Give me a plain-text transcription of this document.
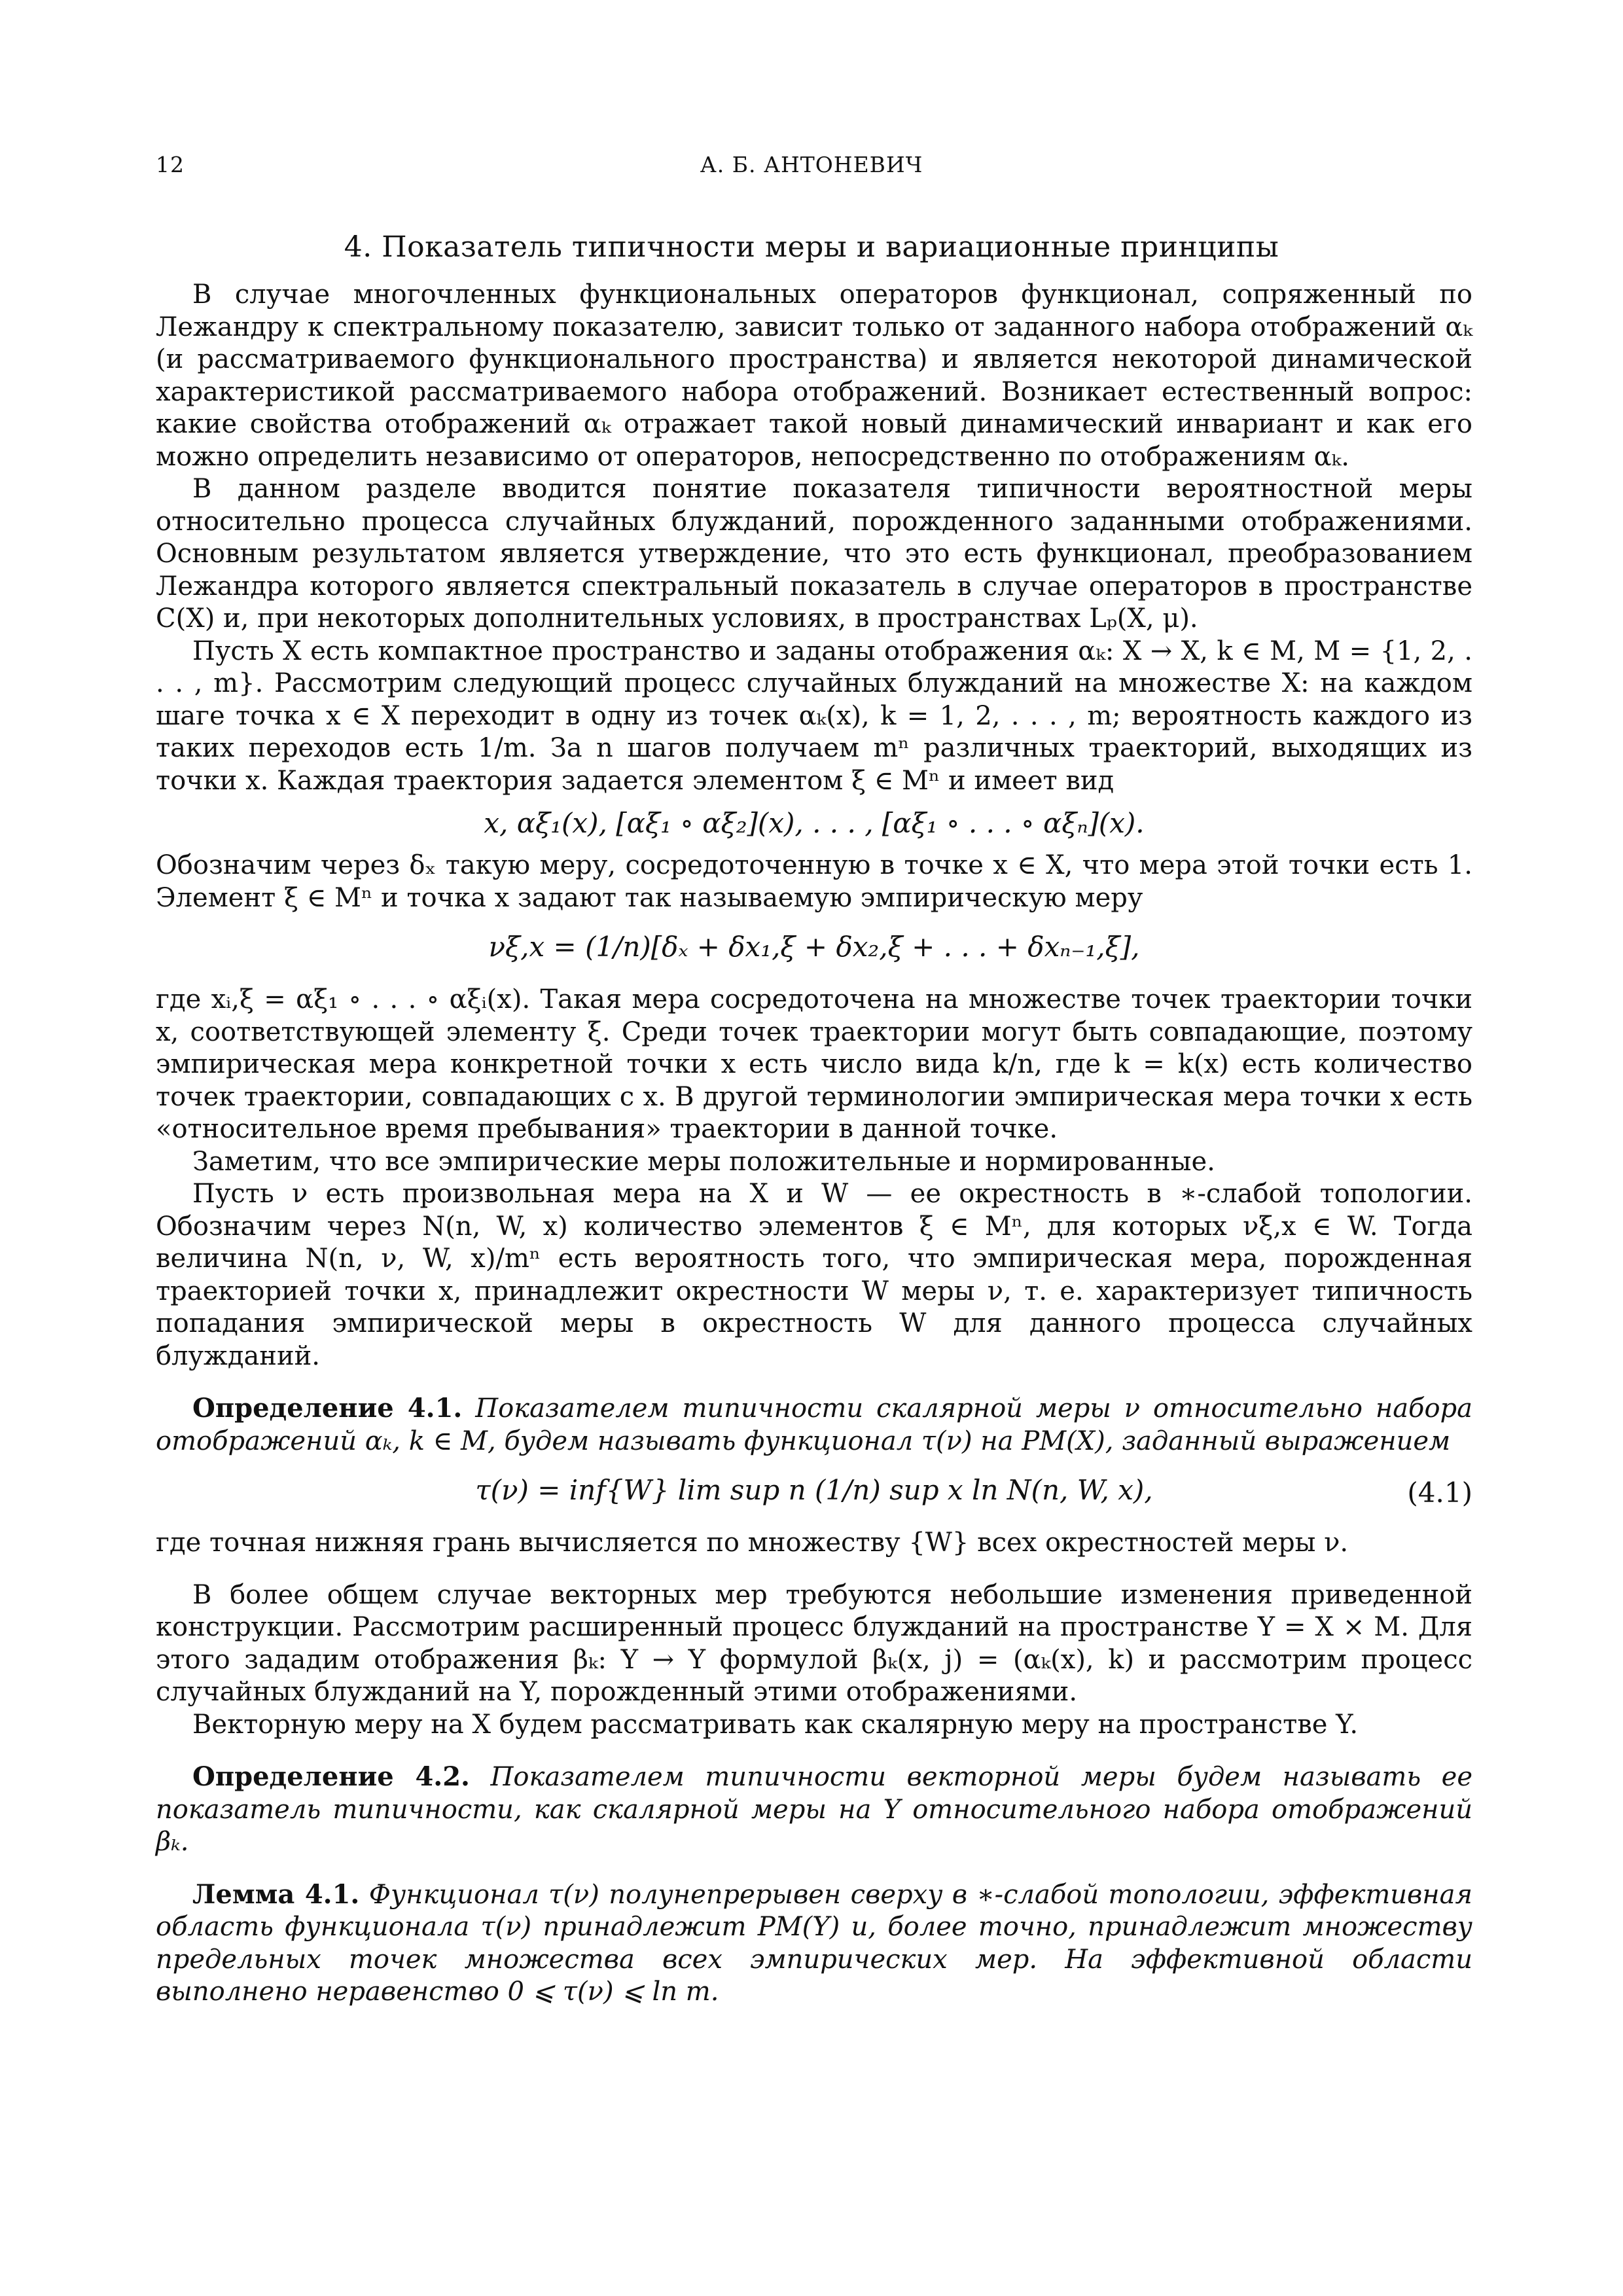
12	А. Б. АНТОНЕВИЧ
4. Показатель типичности меры и вариационные принципы

В случае многочленных функциональных операторов функционал, сопряженный по Лежандру к спектральному показателю, зависит только от заданного набора отображений αₖ (и рассматриваемого функционального пространства) и является некоторой динамической характеристикой рассматриваемого набора отображений. Возникает естественный вопрос: какие свойства отображений αₖ отражает такой новый динамический инвариант и как его можно определить независимо от операторов, непосредственно по отображениям αₖ.

В данном разделе вводится понятие показателя типичности вероятностной меры относительно процесса случайных блужданий, порожденного заданными отображениями. Основным результатом является утверждение, что это есть функционал, преобразованием Лежандра которого является спектральный показатель в случае операторов в пространстве C(X) и, при некоторых дополнительных условиях, в пространствах Lₚ(X, μ).

Пусть X есть компактное пространство и заданы отображения αₖ: X → X, k ∈ M, M = {1, 2, . . . , m}. Рассмотрим следующий процесс случайных блужданий на множестве X: на каждом шаге точка x ∈ X переходит в одну из точек αₖ(x), k = 1, 2, . . . , m; вероятность каждого из таких переходов есть 1/m. За n шагов получаем mⁿ различных траекторий, выходящих из точки x. Каждая траектория задается элементом ξ ∈ Mⁿ и имеет вид

x, αξ₁(x), [αξ₁ ∘ αξ₂](x), . . . , [αξ₁ ∘ . . . ∘ αξₙ](x).

Обозначим через δₓ такую меру, сосредоточенную в точке x ∈ X, что мера этой точки есть 1. Элемент ξ ∈ Mⁿ и точка x задают так называемую эмпирическую меру

νξ,x = (1/n)[δₓ + δx₁,ξ + δx₂,ξ + . . . + δxₙ₋₁,ξ],

где xᵢ,ξ = αξ₁ ∘ . . . ∘ αξᵢ(x). Такая мера сосредоточена на множестве точек траектории точки x, соответствующей элементу ξ. Среди точек траектории могут быть совпадающие, поэтому эмпирическая мера конкретной точки x есть число вида k/n, где k = k(x) есть количество точек траектории, совпадающих с x. В другой терминологии эмпирическая мера точки x есть «относительное время пребывания» траектории в данной точке.

Заметим, что все эмпирические меры положительные и нормированные.

Пусть ν есть произвольная мера на X и W — ее окрестность в ∗-слабой топологии. Обозначим через N(n, W, x) количество элементов ξ ∈ Mⁿ, для которых νξ,x ∈ W. Тогда величина N(n, ν, W, x)/mⁿ есть вероятность того, что эмпирическая мера, порожденная траекторией точки x, принадлежит окрестности W меры ν, т. е. характеризует типичность попадания эмпирической меры в окрестность W для данного процесса случайных блужданий.

Определение 4.1. Показателем типичности скалярной меры ν относительно набора отображений αₖ, k ∈ M, будем называть функционал τ(ν) на PM(X), заданный выражением

τ(ν) = inf{W} lim sup n (1/n) sup x ln N(n, W, x),	(4.1)

где точная нижняя грань вычисляется по множеству {W} всех окрестностей меры ν.

В более общем случае векторных мер требуются небольшие изменения приведенной конструкции. Рассмотрим расширенный процесс блужданий на пространстве Y = X × M. Для этого зададим отображения βₖ: Y → Y формулой βₖ(x, j) = (αₖ(x), k) и рассмотрим процесс случайных блужданий на Y, порожденный этими отображениями.

Векторную меру на X будем рассматривать как скалярную меру на пространстве Y.

Определение 4.2. Показателем типичности векторной меры будем называть ее показатель типичности, как скалярной меры на Y относительного набора отображений βₖ.

Лемма 4.1. Функционал τ(ν) полунепрерывен сверху в ∗-слабой топологии, эффективная область функционала τ(ν) принадлежит PM(Y) и, более точно, принадлежит множеству предельных точек множества всех эмпирических мер. На эффективной области выполнено неравенство 0 ⩽ τ(ν) ⩽ ln m.
